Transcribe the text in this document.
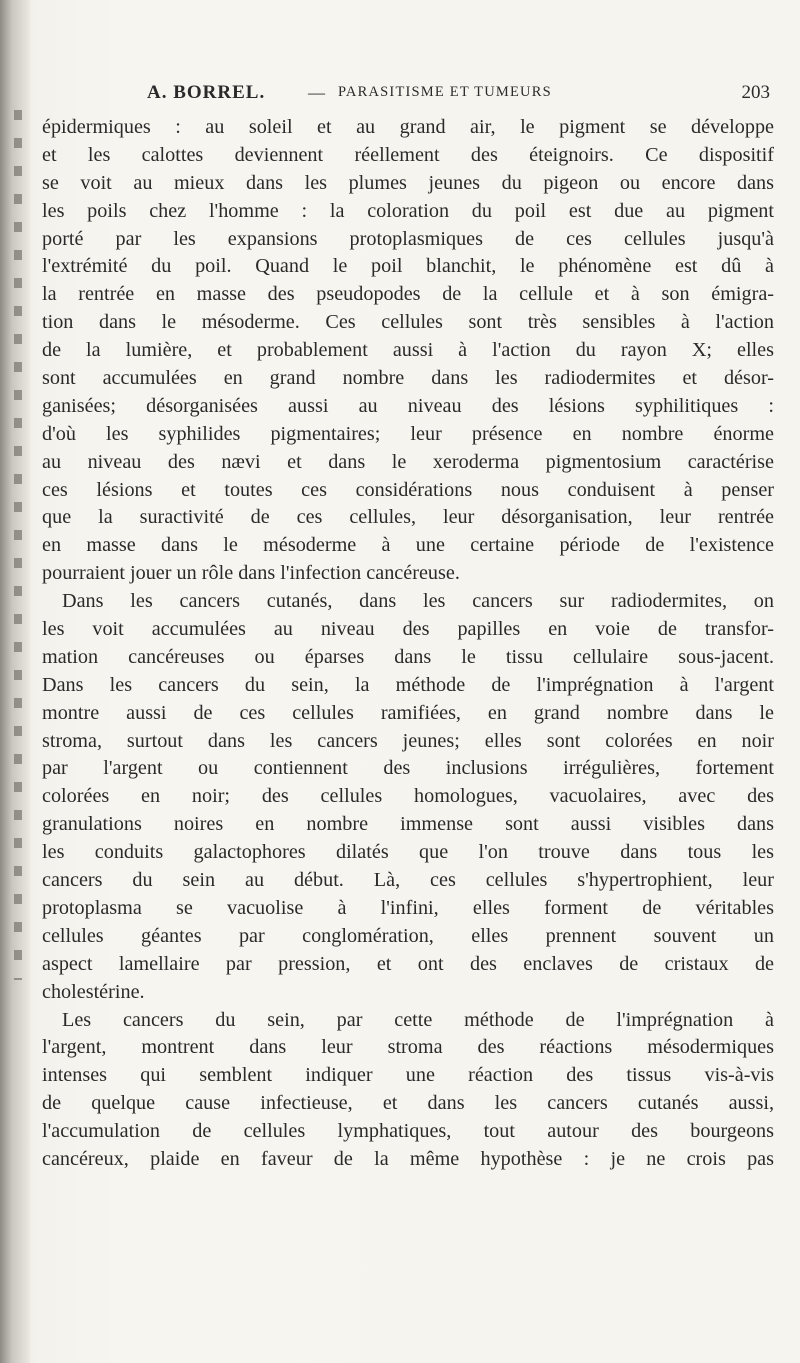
A. BORREL.	— PARASITISME ET TUMEURS	203
épidermiques : au soleil et au grand air, le pigment se développe
et les calottes deviennent réellement des éteignoirs. Ce dispositif
se voit au mieux dans les plumes jeunes du pigeon ou encore dans
les poils chez l'homme : la coloration du poil est due au pigment
porté par les expansions protoplasmiques de ces cellules jusqu'à
l'extrémité du poil. Quand le poil blanchit, le phénomène est dû à
la rentrée en masse des pseudopodes de la cellule et à son émigra-
tion dans le mésoderme. Ces cellules sont très sensibles à l'action
de la lumière, et probablement aussi à l'action du rayon X; elles
sont accumulées en grand nombre dans les radiodermites et désor-
ganisées; désorganisées aussi au niveau des lésions syphilitiques :
d'où les syphilides pigmentaires; leur présence en nombre énorme
au niveau des nævi et dans le xeroderma pigmentosium caractérise
ces lésions et toutes ces considérations nous conduisent à penser
que la suractivité de ces cellules, leur désorganisation, leur rentrée
en masse dans le mésoderme à une certaine période de l'existence
pourraient jouer un rôle dans l'infection cancéreuse.
Dans les cancers cutanés, dans les cancers sur radiodermites, on
les voit accumulées au niveau des papilles en voie de transfor-
mation cancéreuses ou éparses dans le tissu cellulaire sous-jacent.
Dans les cancers du sein, la méthode de l'imprégnation à l'argent
montre aussi de ces cellules ramifiées, en grand nombre dans le
stroma, surtout dans les cancers jeunes; elles sont colorées en noir
par l'argent ou contiennent des inclusions irrégulières, fortement
colorées en noir; des cellules homologues, vacuolaires, avec des
granulations noires en nombre immense sont aussi visibles dans
les conduits galactophores dilatés que l'on trouve dans tous les
cancers du sein au début. Là, ces cellules s'hypertrophient, leur
protoplasma se vacuolise à l'infini, elles forment de véritables
cellules géantes par conglomération, elles prennent souvent un
aspect lamellaire par pression, et ont des enclaves de cristaux de
cholestérine.
Les cancers du sein, par cette méthode de l'imprégnation à
l'argent, montrent dans leur stroma des réactions mésodermiques
intenses qui semblent indiquer une réaction des tissus vis-à-vis
de quelque cause infectieuse, et dans les cancers cutanés aussi,
l'accumulation de cellules lymphatiques, tout autour des bourgeons
cancéreux, plaide en faveur de la même hypothèse : je ne crois pas
